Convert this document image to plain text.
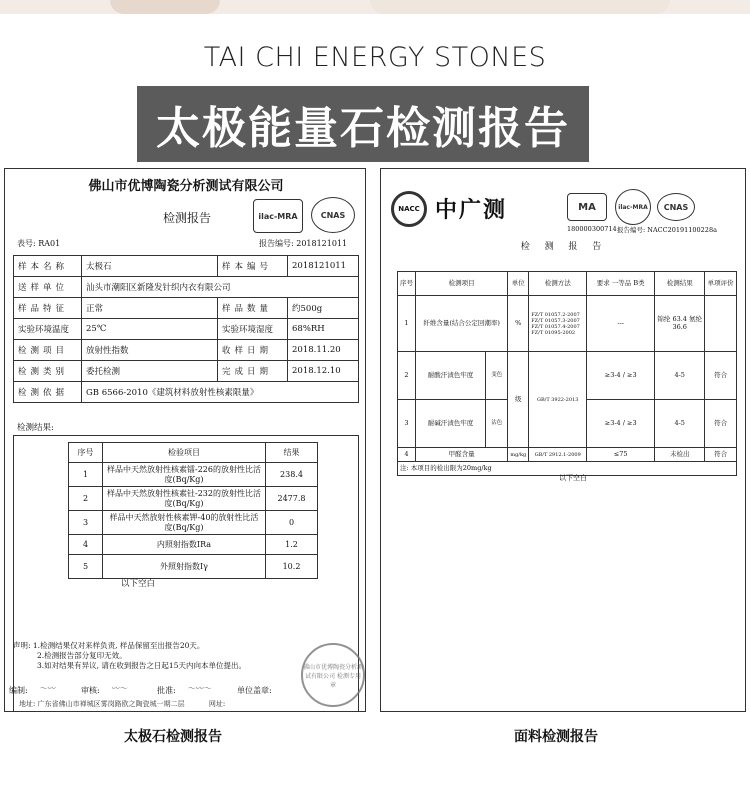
TAI CHI ENERGY STONES
太极能量石检测报告
佛山市优博陶瓷分析测试有限公司
检测报告	ilac-MRA	CNAS
表号: RA01	报告编号: 2018121011
样本名称	太极石	样本编号	2018121011
送样单位	汕头市潮阳区新隆发针织内衣有限公司		
样品特征	正常	样品数量	约500g
实验环境温度	25℃	实验环境湿度	68%RH
检测项目	放射性指数	收样日期	2018.11.20
检测类别	委托检测	完成日期	2018.12.10
检测依据	GB 6566-2010《建筑材料放射性核素限量》		
检测结果:
序号	检验项目	结果
1	样品中天然放射性核素镭-226的放射性比活度(Bq/Kg)	238.4
2	样品中天然放射性核素钍-232的放射性比活度(Bq/Kg)	2477.8
3	样品中天然放射性核素钾-40的放射性比活度(Bq/Kg)	0
4	内照射指数IRa	1.2
5	外照射指数Iγ	10.2
以下空白
声明: 1.检测结果仅对来样负责, 样品保留至出报告20天。
2.检测报告部分复印无效。
3.如对结果有异议, 请在收到报告之日起15天内向本单位提出。	佛山市优博陶瓷分析测试有限公司 检测专用章
编制: 〜〰	审核: 〰〜	批准: 〜〰〜	单位盖章:
地址: 广东省佛山市禅城区雾岗路欧之陶瓷城一期二层	网址:
NACC 中广测	MA	ilac-MRA	CNAS
180000300714 报告编号: NACC20191100228a
检 测 报 告
序号	检测项目		单位	检测方法	要求 一等品 B类	检测结果	单项评价
1	纤维含量(结合公定回潮率)		%	FZ/T 01057.2-2007 FZ/T 01057.3-2007 FZ/T 01057.4-2007 FZ/T 01095-2002	---	锦纶 63.4 氨纶 36.6	
2	耐酸汗渍色牢度	变色	级	GB/T 3922-2013	≥3-4 / ≥3	4-5	符合
3	耐碱汗渍色牢度	沾色			≥3-4 / ≥3	4-5	符合
4	甲醛含量		mg/kg	GB/T 2912.1-2009	≤75	未检出	符合
注: 本项目的检出限为20mg/kg							
以下空白
太极石检测报告	面料检测报告
